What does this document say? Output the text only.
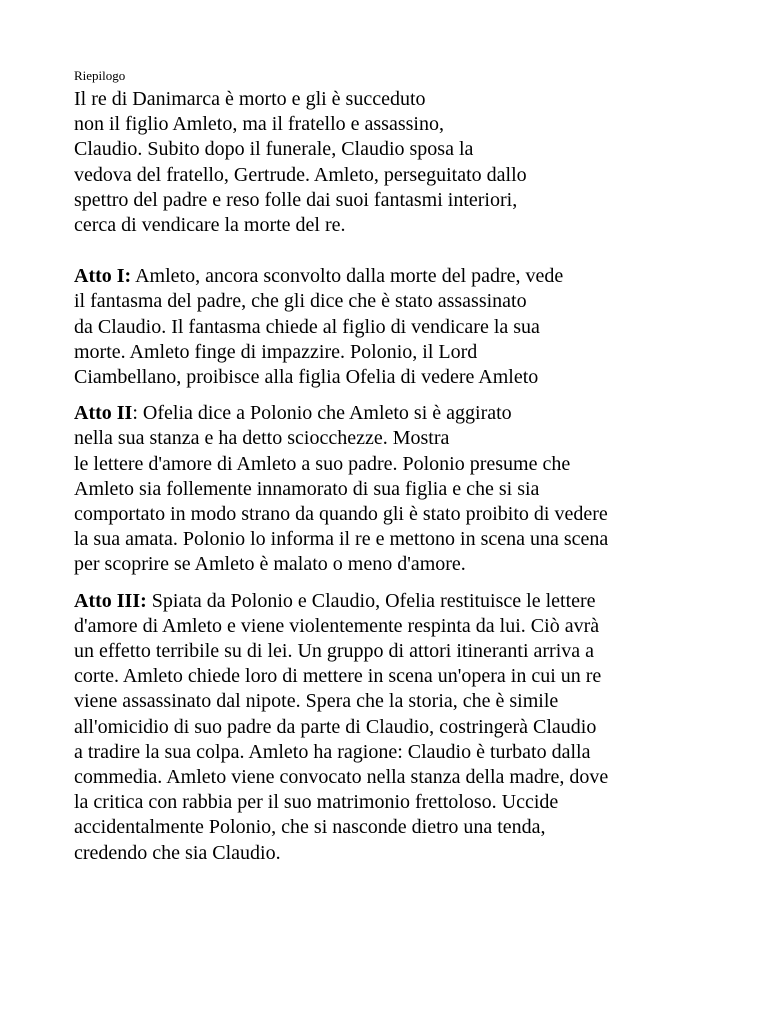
Riepilogo

Il re di Danimarca è morto e gli è succeduto
non il figlio Amleto, ma il fratello e assassino,
Claudio. Subito dopo il funerale, Claudio sposa la
vedova del fratello, Gertrude. Amleto, perseguitato dallo
spettro del padre e reso folle dai suoi fantasmi interiori,
cerca di vendicare la morte del re.

Atto I: Amleto, ancora sconvolto dalla morte del padre, vede
il fantasma del padre, che gli dice che è stato assassinato
da Claudio. Il fantasma chiede al figlio di vendicare la sua
morte. Amleto finge di impazzire. Polonio, il Lord
Ciambellano, proibisce alla figlia Ofelia di vedere Amleto

Atto II: Ofelia dice a Polonio che Amleto si è aggirato
nella sua stanza e ha detto sciocchezze. Mostra
le lettere d'amore di Amleto a suo padre. Polonio presume che
Amleto sia follemente innamorato di sua figlia e che si sia
comportato in modo strano da quando gli è stato proibito di vedere
la sua amata. Polonio lo informa il re e mettono in scena una scena
per scoprire se Amleto è malato o meno d'amore.

Atto III: Spiata da Polonio e Claudio, Ofelia restituisce le lettere
d'amore di Amleto e viene violentemente respinta da lui. Ciò avrà
un effetto terribile su di lei. Un gruppo di attori itineranti arriva a
corte. Amleto chiede loro di mettere in scena un'opera in cui un re
viene assassinato dal nipote. Spera che la storia, che è simile
all'omicidio di suo padre da parte di Claudio, costringerà Claudio
a tradire la sua colpa. Amleto ha ragione: Claudio è turbato dalla
commedia. Amleto viene convocato nella stanza della madre, dove
la critica con rabbia per il suo matrimonio frettoloso. Uccide
accidentalmente Polonio, che si nasconde dietro una tenda,
credendo che sia Claudio.
